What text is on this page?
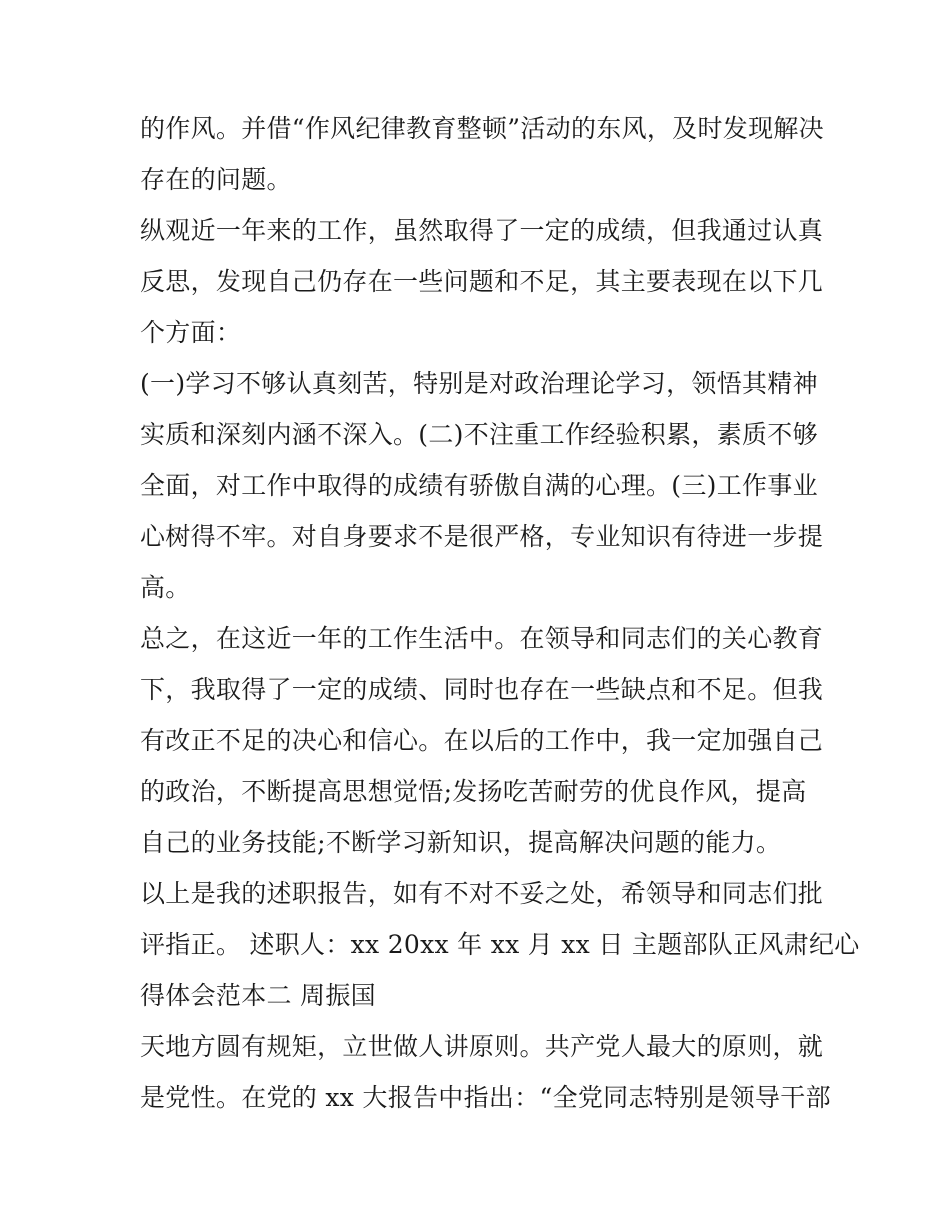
的作风。并借“作风纪律教育整顿”活动的东风，及时发现解决
存在的问题。
纵观近一年来的工作，虽然取得了一定的成绩，但我通过认真
反思，发现自己仍存在一些问题和不足，其主要表现在以下几
个方面：
(一)学习不够认真刻苦，特别是对政治理论学习，领悟其精神
实质和深刻内涵不深入。(二)不注重工作经验积累，素质不够
全面，对工作中取得的成绩有骄傲自满的心理。(三)工作事业
心树得不牢。对自身要求不是很严格，专业知识有待进一步提
高。
总之，在这近一年的工作生活中。在领导和同志们的关心教育
下，我取得了一定的成绩、同时也存在一些缺点和不足。但我
有改正不足的决心和信心。在以后的工作中，我一定加强自己
的政治，不断提高思想觉悟;发扬吃苦耐劳的优良作风，提高
自己的业务技能;不断学习新知识，提高解决问题的能力。
以上是我的述职报告，如有不对不妥之处，希领导和同志们批
评指正。 述职人：xx 20xx 年 xx 月 xx 日 主题部队正风肃纪心
得体会范本二 周振国
天地方圆有规矩，立世做人讲原则。共产党人最大的原则，就
是党性。在党的 xx 大报告中指出：“全党同志特别是领导干部
